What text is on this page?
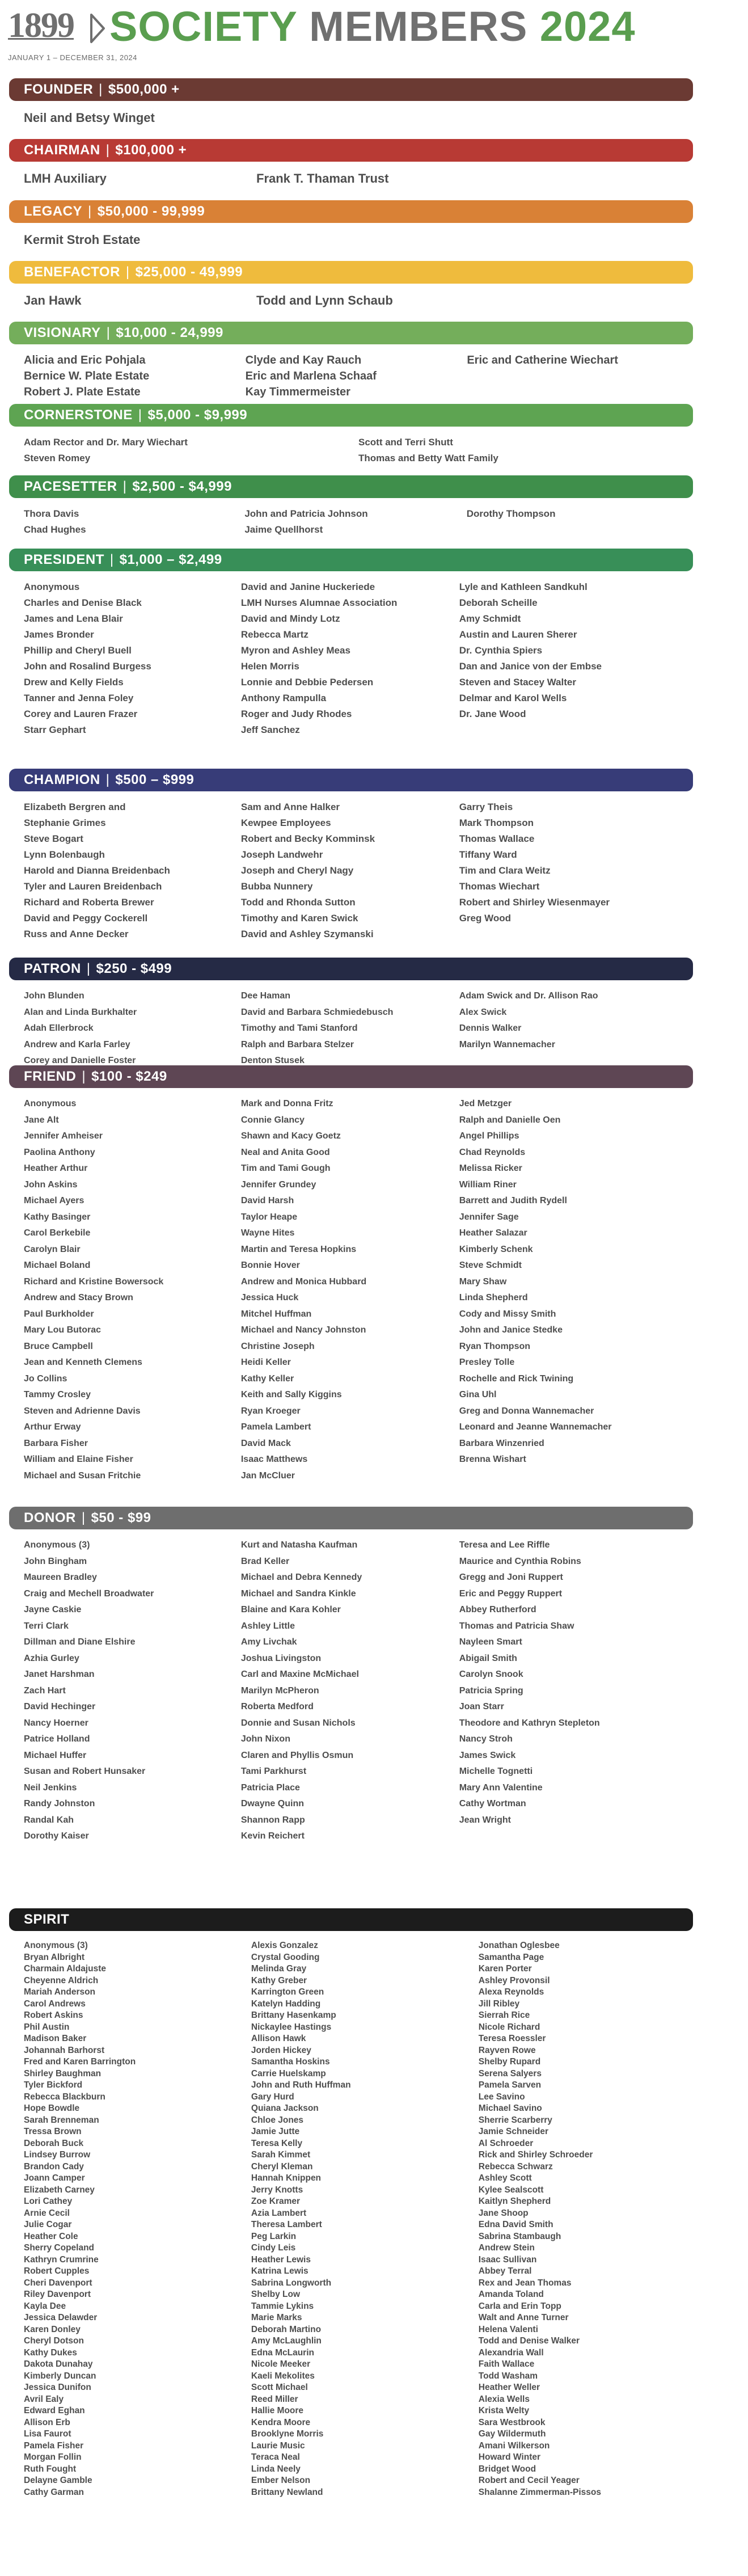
1899 SOCIETY MEMBERS 2024
JANUARY 1 – DECEMBER 31, 2024
FOUNDER | $500,000 +
Neil and Betsy Winget
CHAIRMAN | $100,000 +
LMH Auxiliary	Frank T. Thaman Trust
LEGACY | $50,000 - 99,999
Kermit Stroh Estate
BENEFACTOR | $25,000 - 49,999
Jan Hawk	Todd and Lynn Schaub
VISIONARY | $10,000 - 24,999
Alicia and Eric Pohjala
Bernice W. Plate Estate
Robert J. Plate Estate
Clyde and Kay Rauch
Eric and Marlena Schaaf
Kay Timmermeister
Eric and Catherine Wiechart
CORNERSTONE | $5,000 - $9,999
Adam Rector and Dr. Mary Wiechart
Steven Romey
Scott and Terri Shutt
Thomas and Betty Watt Family
PACESETTER | $2,500 - $4,999
Thora Davis
Chad Hughes
John and Patricia Johnson
Jaime Quellhorst
Dorothy Thompson
PRESIDENT | $1,000 – $2,499
Anonymous
Charles and Denise Black
James and Lena Blair
James Bronder
Phillip and Cheryl Buell
John and Rosalind Burgess
Drew and Kelly Fields
Tanner and Jenna Foley
Corey and Lauren Frazer
Starr Gephart
David and Janine Huckeriede
LMH Nurses Alumnae Association
David and Mindy Lotz
Rebecca Martz
Myron and Ashley Meas
Helen Morris
Lonnie and Debbie Pedersen
Anthony Rampulla
Roger and Judy Rhodes
Jeff Sanchez
Lyle and Kathleen Sandkuhl
Deborah Scheille
Amy Schmidt
Austin and Lauren Sherer
Dr. Cynthia Spiers
Dan and Janice von der Embse
Steven and Stacey Walter
Delmar and Karol Wells
Dr. Jane Wood
CHAMPION | $500 – $999
Elizabeth Bergren and
Stephanie Grimes
Steve Bogart
Lynn Bolenbaugh
Harold and Dianna Breidenbach
Tyler and Lauren Breidenbach
Richard and Roberta Brewer
David and Peggy Cockerell
Russ and Anne Decker
Sam and Anne Halker
Kewpee Employees
Robert and Becky Komminsk
Joseph Landwehr
Joseph and Cheryl Nagy
Bubba Nunnery
Todd and Rhonda Sutton
Timothy and Karen Swick
David and Ashley Szymanski
Garry Theis
Mark Thompson
Thomas Wallace
Tiffany Ward
Tim and Clara Weitz
Thomas Wiechart
Robert and Shirley Wiesenmayer
Greg Wood
PATRON | $250 - $499
John Blunden
Alan and Linda Burkhalter
Adah Ellerbrock
Andrew and Karla Farley
Corey and Danielle Foster
Dee Haman
David and Barbara Schmiedebusch
Timothy and Tami Stanford
Ralph and Barbara Stelzer
Denton Stusek
Adam Swick and Dr. Allison Rao
Alex Swick
Dennis Walker
Marilyn Wannemacher
FRIEND | $100 - $249
Anonymous
Jane Alt
Jennifer Amheiser
Paolina Anthony
Heather Arthur
John Askins
Michael Ayers
Kathy Basinger
Carol Berkebile
Carolyn Blair
Michael Boland
Richard and Kristine Bowersock
Andrew and Stacy Brown
Paul Burkholder
Mary Lou Butorac
Bruce Campbell
Jean and Kenneth Clemens
Jo Collins
Tammy Crosley
Steven and Adrienne Davis
Arthur Erway
Barbara Fisher
William and Elaine Fisher
Michael and Susan Fritchie
Mark and Donna Fritz
Connie Glancy
Shawn and Kacy Goetz
Neal and Anita Good
Tim and Tami Gough
Jennifer Grundey
David Harsh
Taylor Heape
Wayne Hites
Martin and Teresa Hopkins
Bonnie Hover
Andrew and Monica Hubbard
Jessica Huck
Mitchel Huffman
Michael and Nancy Johnston
Christine Joseph
Heidi Keller
Kathy Keller
Keith and Sally Kiggins
Ryan Kroeger
Pamela Lambert
David Mack
Isaac Matthews
Jan McCluer
Jed Metzger
Ralph and Danielle Oen
Angel Phillips
Chad Reynolds
Melissa Ricker
William Riner
Barrett and Judith Rydell
Jennifer Sage
Heather Salazar
Kimberly Schenk
Steve Schmidt
Mary Shaw
Linda Shepherd
Cody and Missy Smith
John and Janice Stedke
Ryan Thompson
Presley Tolle
Rochelle and Rick Twining
Gina Uhl
Greg and Donna Wannemacher
Leonard and Jeanne Wannemacher
Barbara Winzenried
Brenna Wishart
DONOR | $50 - $99
Anonymous (3)
John Bingham
Maureen Bradley
Craig and Mechell Broadwater
Jayne Caskie
Terri Clark
Dillman and Diane Elshire
Azhia Gurley
Janet Harshman
Zach Hart
David Hechinger
Nancy Hoerner
Patrice Holland
Michael Huffer
Susan and Robert Hunsaker
Neil Jenkins
Randy Johnston
Randal Kah
Dorothy Kaiser
Kurt and Natasha Kaufman
Brad Keller
Michael and Debra Kennedy
Michael and Sandra Kinkle
Blaine and Kara Kohler
Ashley Little
Amy Livchak
Joshua Livingston
Carl and Maxine McMichael
Marilyn McPheron
Roberta Medford
Donnie and Susan Nichols
John Nixon
Claren and Phyllis Osmun
Tami Parkhurst
Patricia Place
Dwayne Quinn
Shannon Rapp
Kevin Reichert
Teresa and Lee Riffle
Maurice and Cynthia Robins
Gregg and Joni Ruppert
Eric and Peggy Ruppert
Abbey Rutherford
Thomas and Patricia Shaw
Nayleen Smart
Abigail Smith
Carolyn Snook
Patricia Spring
Joan Starr
Theodore and Kathryn Stepleton
Nancy Stroh
James Swick
Michelle Tognetti
Mary Ann Valentine
Cathy Wortman
Jean Wright
SPIRIT
Anonymous (3)
Bryan Albright
Charmain Aldajuste
Cheyenne Aldrich
Mariah Anderson
Carol Andrews
Robert Askins
Phil Austin
Madison Baker
Johannah Barhorst
Fred and Karen Barrington
Shirley Baughman
Tyler Bickford
Rebecca Blackburn
Hope Bowdle
Sarah Brenneman
Tressa Brown
Deborah Buck
Lindsey Burrow
Brandon Cady
Joann Camper
Elizabeth Carney
Lori Cathey
Arnie Cecil
Julie Cogar
Heather Cole
Sherry Copeland
Kathryn Crumrine
Robert Cupples
Cheri Davenport
Riley Davenport
Kayla Dee
Jessica Delawder
Karen Donley
Cheryl Dotson
Kathy Dukes
Dakota Dunahay
Kimberly Duncan
Jessica Dunifon
Avril Ealy
Edward Eghan
Allison Erb
Lisa Faurot
Pamela Fisher
Morgan Follin
Ruth Fought
Delayne Gamble
Cathy Garman
Alexis Gonzalez
Crystal Gooding
Melinda Gray
Kathy Greber
Karrington Green
Katelyn Hadding
Brittany Hasenkamp
Nickaylee Hastings
Allison Hawk
Jorden Hickey
Samantha Hoskins
Carrie Huelskamp
John and Ruth Huffman
Gary Hurd
Quiana Jackson
Chloe Jones
Jamie Jutte
Teresa Kelly
Sarah Kimmet
Cheryl Kleman
Hannah Knippen
Jerry Knotts
Zoe Kramer
Azia Lambert
Theresa Lambert
Peg Larkin
Cindy Leis
Heather Lewis
Katrina Lewis
Sabrina Longworth
Shelby Low
Tammie Lykins
Marie Marks
Deborah Martino
Amy McLaughlin
Edna McLaurin
Nicole Meeker
Kaeli Mekolites
Scott Michael
Reed Miller
Hallie Moore
Kendra Moore
Brooklyne Morris
Laurie Music
Teraca Neal
Linda Neely
Ember Nelson
Brittany Newland
Jonathan Oglesbee
Samantha Page
Karen Porter
Ashley Provonsil
Alexa Reynolds
Jill Ribley
Sierrah Rice
Nicole Richard
Teresa Roessler
Rayven Rowe
Shelby Rupard
Serena Salyers
Pamela Sarven
Lee Savino
Michael Savino
Sherrie Scarberry
Jamie Schneider
Al Schroeder
Rick and Shirley Schroeder
Rebecca Schwarz
Ashley Scott
Kylee Sealscott
Kaitlyn Shepherd
Jane Shoop
Edna David Smith
Sabrina Stambaugh
Andrew Stein
Isaac Sullivan
Abbey Terral
Rex and Jean Thomas
Amanda Toland
Carla and Erin Topp
Walt and Anne Turner
Helena Valenti
Todd and Denise Walker
Alexandria Wall
Faith Wallace
Todd Washam
Heather Weller
Alexia Wells
Krista Welty
Sara Westbrook
Gay Wildermuth
Amani Wilkerson
Howard Winter
Bridget Wood
Robert and Cecil Yeager
Shalanne Zimmerman-Pissos
